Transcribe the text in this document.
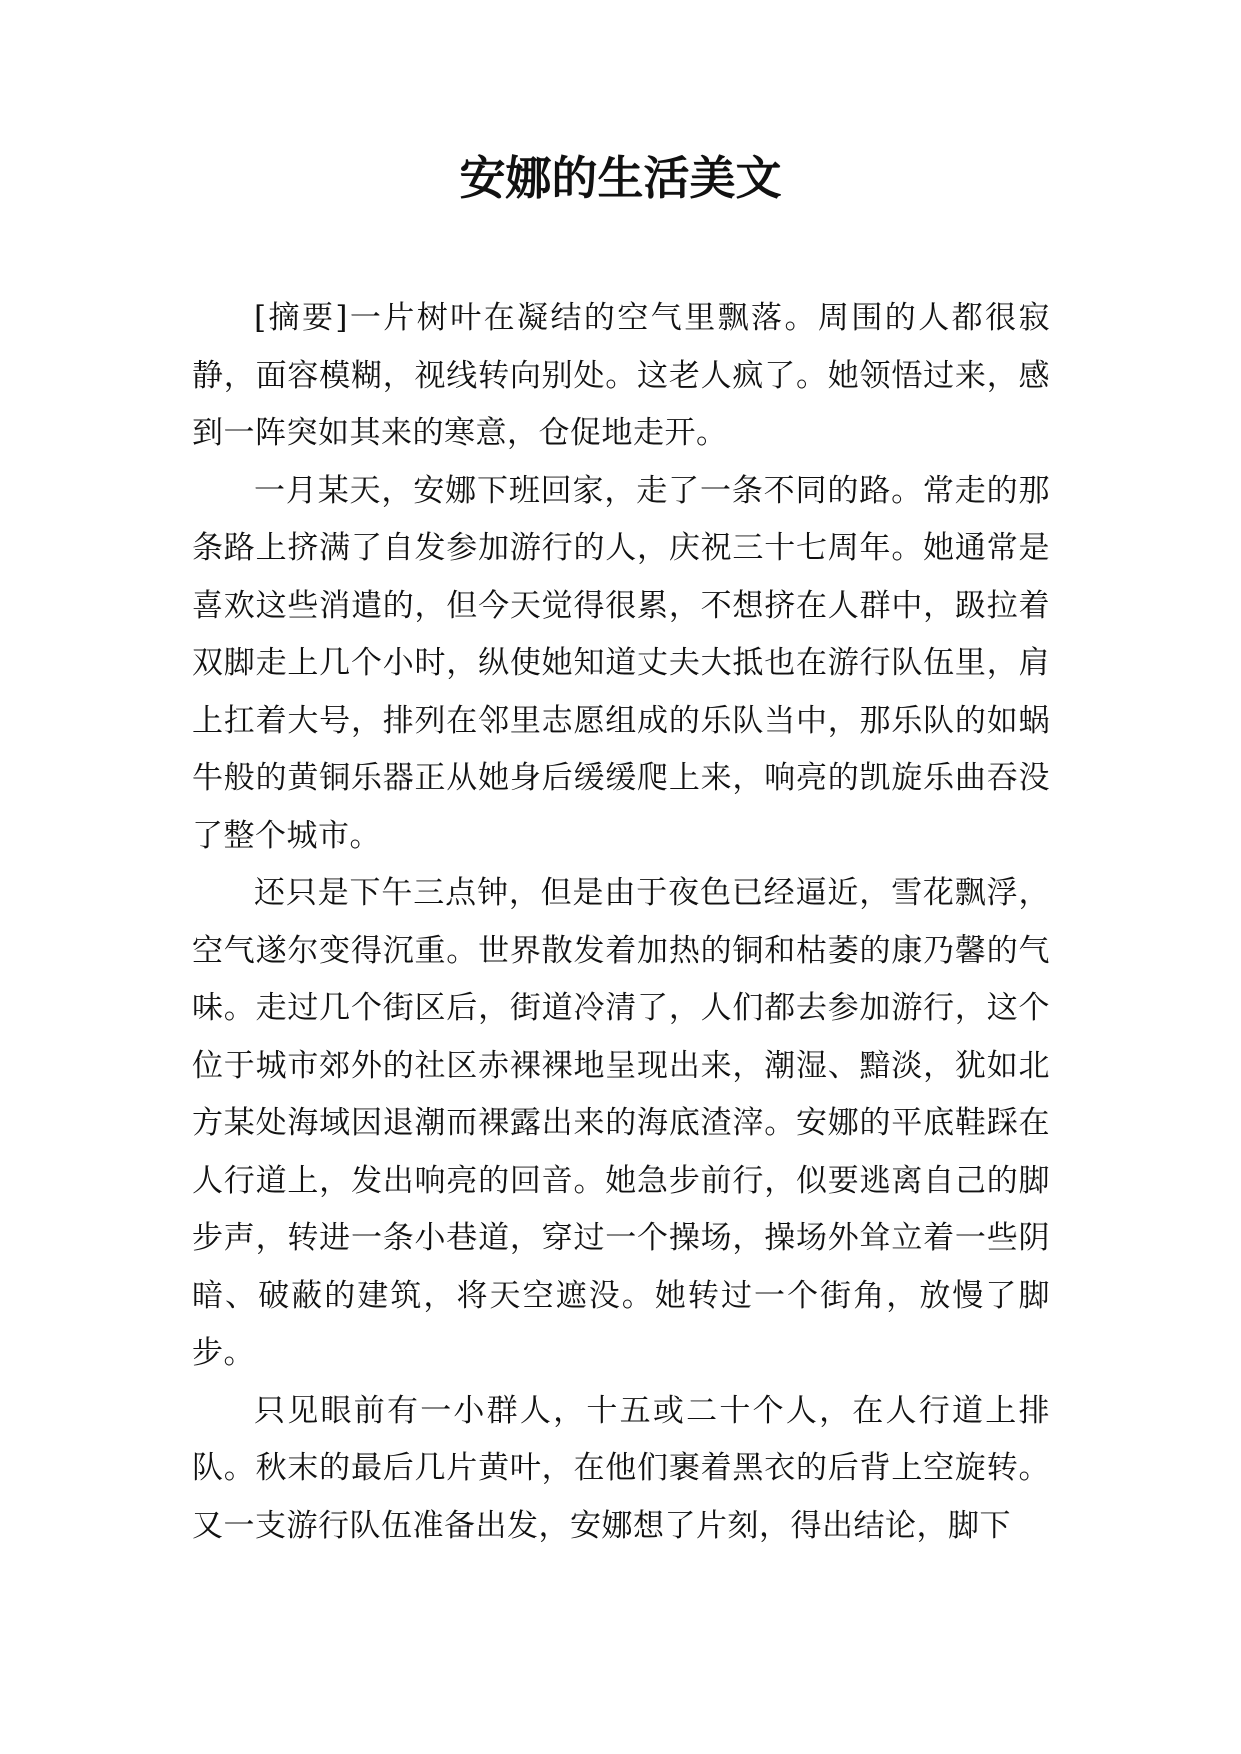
安娜的生活美文

[摘要]一片树叶在凝结的空气里飘落。周围的人都很寂静，面容模糊，视线转向别处。这老人疯了。她领悟过来，感到一阵突如其来的寒意，仓促地走开。

一月某天，安娜下班回家，走了一条不同的路。常走的那条路上挤满了自发参加游行的人，庆祝三十七周年。她通常是喜欢这些消遣的，但今天觉得很累，不想挤在人群中，趿拉着双脚走上几个小时，纵使她知道丈夫大抵也在游行队伍里，肩上扛着大号，排列在邻里志愿组成的乐队当中，那乐队的如蜗牛般的黄铜乐器正从她身后缓缓爬上来，响亮的凯旋乐曲吞没了整个城市。

还只是下午三点钟，但是由于夜色已经逼近，雪花飘浮，空气遂尔变得沉重。世界散发着加热的铜和枯萎的康乃馨的气味。走过几个街区后，街道冷清了，人们都去参加游行，这个位于城市郊外的社区赤裸裸地呈现出来，潮湿、黯淡，犹如北方某处海域因退潮而裸露出来的海底渣滓。安娜的平底鞋踩在人行道上，发出响亮的回音。她急步前行，似要逃离自己的脚步声，转进一条小巷道，穿过一个操场，操场外耸立着一些阴暗、破蔽的建筑，将天空遮没。她转过一个街角，放慢了脚步。

只见眼前有一小群人，十五或二十个人，在人行道上排队。秋末的最后几片黄叶，在他们裹着黑衣的后背上空旋转。又一支游行队伍准备出发，安娜想了片刻，得出结论，脚下
